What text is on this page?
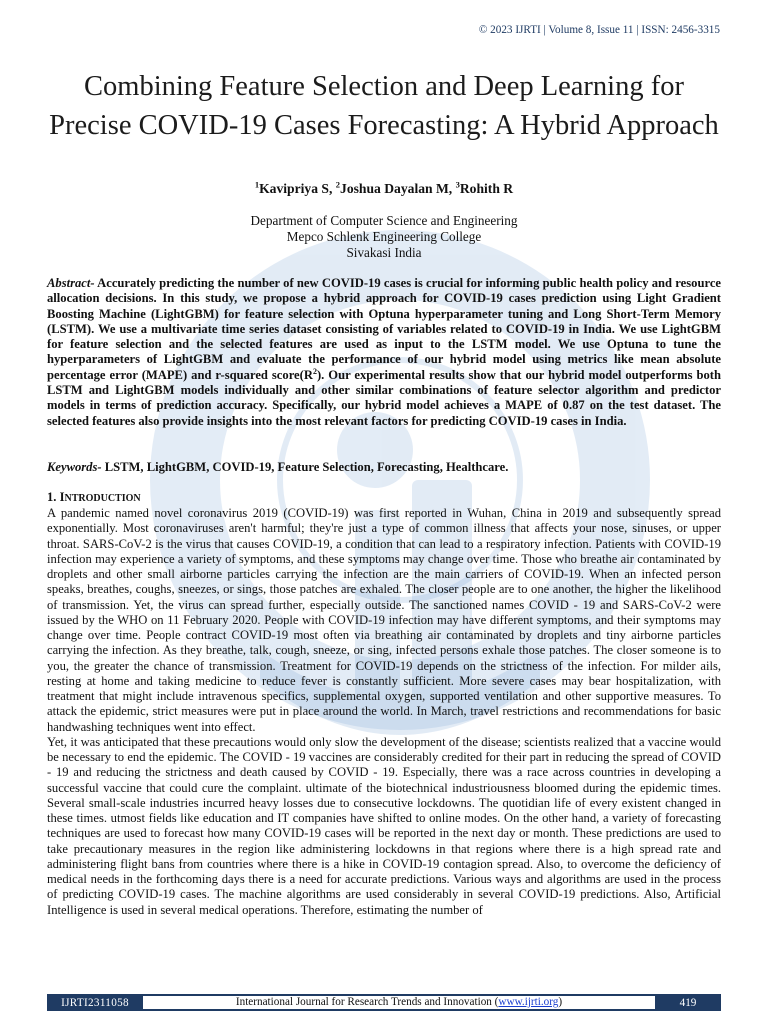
© 2023 IJRTI | Volume 8, Issue 11 | ISSN: 2456-3315
Combining Feature Selection and Deep Learning for Precise COVID-19 Cases Forecasting: A Hybrid Approach
$^1$Kavipriya S, $^2$Joshua Dayalan M, $^3$Rohith R
Department of Computer Science and Engineering
Mepco Schlenk Engineering College
Sivakasi India
Abstract- Accurately predicting the number of new COVID-19 cases is crucial for informing public health policy and resource allocation decisions. In this study, we propose a hybrid approach for COVID-19 cases prediction using Light Gradient Boosting Machine (LightGBM) for feature selection with Optuna hyperparameter tuning and Long Short-Term Memory (LSTM). We use a multivariate time series dataset consisting of variables related to COVID-19 in India. We use LightGBM for feature selection and the selected features are used as input to the LSTM model. We use Optuna to tune the hyperparameters of LightGBM and evaluate the performance of our hybrid model using metrics like mean absolute percentage error (MAPE) and r-squared $score(R^2)$. Our experimental results show that our hybrid model outperforms both LSTM and LightGBM models individually and other similar combinations of feature selector algorithm and predictor models in terms of prediction accuracy. Specifically, our hybrid model achieves a MAPE of 0.87 on the test dataset. The selected features also provide insights into the most relevant factors for predicting COVID-19 cases in India.
Keywords- LSTM, LightGBM, COVID-19, Feature Selection, Forecasting, Healthcare.
1. INTRODUCTION

A pandemic named novel coronavirus 2019 (COVID-19) was first reported in Wuhan, China in 2019 and subsequently spread exponentially. Most coronaviruses aren't harmful; they're just a type of common illness that affects your nose, sinuses, or upper throat. SARS-CoV-2 is the virus that causes COVID-19, a condition that can lead to a respiratory infection. Patients with COVID-19 infection may experience a variety of symptoms, and these symptoms may change over time. Those who breathe air contaminated by droplets and other small airborne particles carrying the infection are the main carriers of COVID-19. When an infected person speaks, breathes, coughs, sneezes, or sings, those patches are exhaled. The closer people are to one another, the higher the likelihood of transmission. Yet, the virus can spread further, especially outside. The sanctioned names COVID - 19 and SARS-CoV-2 were issued by the WHO on 11 February 2020. People with COVID-19 infection may have different symptoms, and their symptoms may change over time. People contract COVID-19 most often via breathing air contaminated by droplets and tiny airborne particles carrying the infection. As they breathe, talk, cough, sneeze, or sing, infected persons exhale those patches. The closer someone is to you, the greater the chance of transmission. Treatment for COVID-19 depends on the strictness of the infection. For milder ails, resting at home and taking medicine to reduce fever is constantly sufficient. More severe cases may bear hospitalization, with treatment that might include intravenous specifics, supplemental oxygen, supported ventilation and other supportive measures. To attack the epidemic, strict measures were put in place around the world. In March, travel restrictions and recommendations for basic handwashing techniques went into effect.

Yet, it was anticipated that these precautions would only slow the development of the disease; scientists realized that a vaccine would be necessary to end the epidemic. The COVID - 19 vaccines are considerably credited for their part in reducing the spread of COVID - 19 and reducing the strictness and death caused by COVID - 19. Especially, there was a race across countries in developing a successful vaccine that could cure the complaint. ultimate of the biotechnical industriousness bloomed during the epidemic times. Several small-scale industries incurred heavy losses due to consecutive lockdowns. The quotidian life of every existent changed in these times. utmost fields like education and IT companies have shifted to online modes. On the other hand, a variety of forecasting techniques are used to forecast how many COVID-19 cases will be reported in the next day or month. These predictions are used to take precautionary measures in the region like administering lockdowns in that regions where there is a high spread rate and administering flight bans from countries where there is a hike in COVID-19 contagion spread. Also, to overcome the deficiency of medical needs in the forthcoming days there is a need for accurate predictions. Various ways and algorithms are used in the process of predicting COVID-19 cases. The machine algorithms are used considerably in several COVID-19 predictions. Also, Artificial Intelligence is used in several medical operations. Therefore, estimating the number of

IJRTI2311058	International Journal for Research Trends and Innovation (www.ijrti.org)	419
